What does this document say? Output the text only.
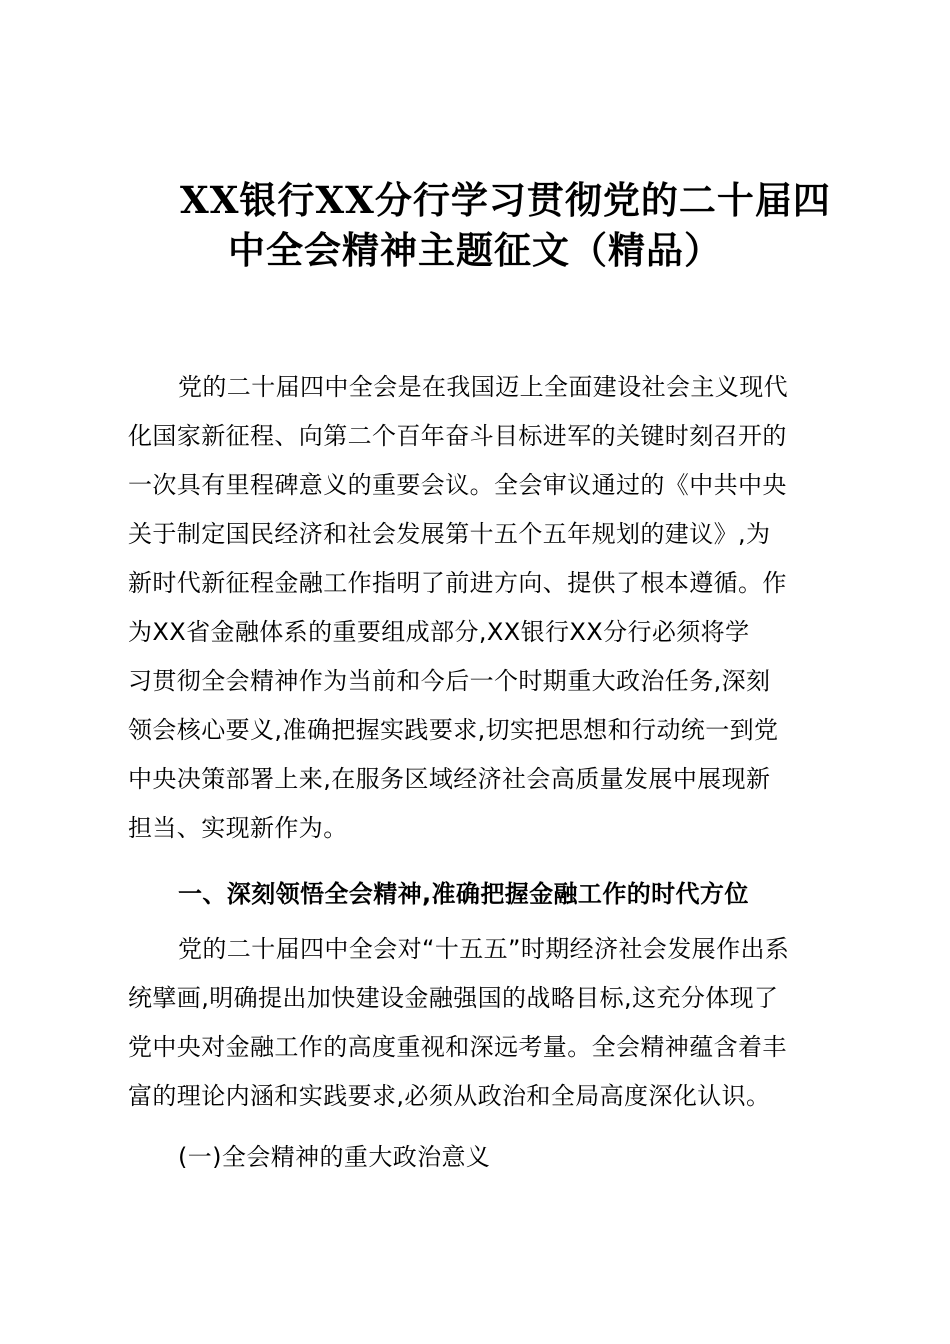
XX银行XX分行学习贯彻党的二十届四
中全会精神主题征文（精品）
党的二十届四中全会是在我国迈上全面建设社会主义现代
化国家新征程、向第二个百年奋斗目标进军的关键时刻召开的
一次具有里程碑意义的重要会议。全会审议通过的《中共中央
关于制定国民经济和社会发展第十五个五年规划的建议》,为
新时代新征程金融工作指明了前进方向、提供了根本遵循。作
为XX省金融体系的重要组成部分,XX银行XX分行必须将学
习贯彻全会精神作为当前和今后一个时期重大政治任务,深刻
领会核心要义,准确把握实践要求,切实把思想和行动统一到党
中央决策部署上来,在服务区域经济社会高质量发展中展现新
担当、实现新作为。
一、深刻领悟全会精神,准确把握金融工作的时代方位
党的二十届四中全会对“十五五”时期经济社会发展作出系
统擘画,明确提出加快建设金融强国的战略目标,这充分体现了
党中央对金融工作的高度重视和深远考量。全会精神蕴含着丰
富的理论内涵和实践要求,必须从政治和全局高度深化认识。
(一)全会精神的重大政治意义
